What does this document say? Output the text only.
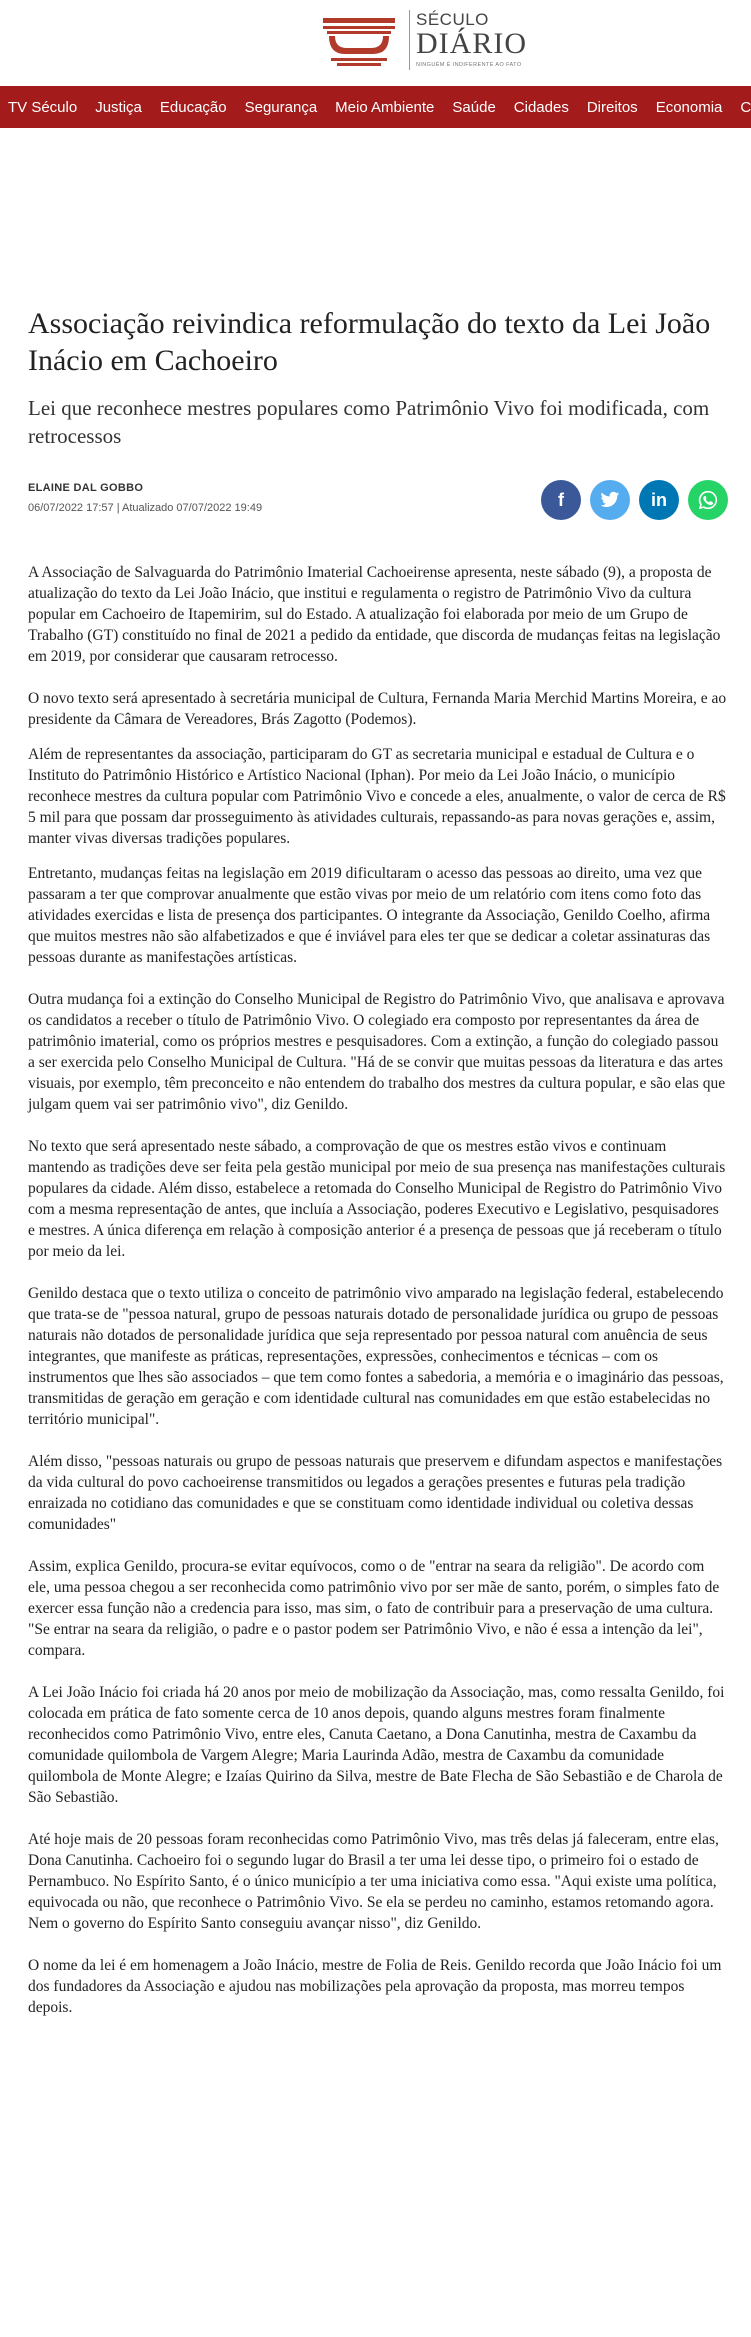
SÉCULO
DIÁRIO
NINGUÉM É INDIFERENTE AO FATO
TV Século	Justiça	Educação	Segurança	Meio Ambiente	Saúde	Cidades	Direitos	Economia	C
Associação reivindica reformulação do texto da Lei João Inácio em Cachoeiro
Lei que reconhece mestres populares como Patrimônio Vivo foi modificada, com retrocessos
ELAINE DAL GOBBO
06/07/2022 17:57 | Atualizado 07/07/2022 19:49	f	in

A Associação de Salvaguarda do Patrimônio Imaterial Cachoeirense apresenta, neste sábado (9), a proposta de atualização do texto da Lei João Inácio, que institui e regulamenta o registro de Patrimônio Vivo da cultura popular em Cachoeiro de Itapemirim, sul do Estado. A atualização foi elaborada por meio de um Grupo de Trabalho (GT) constituído no final de 2021 a pedido da entidade, que discorda de mudanças feitas na legislação em 2019, por considerar que causaram retrocesso.

O novo texto será apresentado à secretária municipal de Cultura, Fernanda Maria Merchid Martins Moreira, e ao presidente da Câmara de Vereadores, Brás Zagotto (Podemos).

Além de representantes da associação, participaram do GT as secretaria municipal e estadual de Cultura e o Instituto do Patrimônio Histórico e Artístico Nacional (Iphan). Por meio da Lei João Inácio, o município reconhece mestres da cultura popular com Patrimônio Vivo e concede a eles, anualmente, o valor de cerca de R$ 5 mil para que possam dar prosseguimento às atividades culturais, repassando-as para novas gerações e, assim, manter vivas diversas tradições populares.

Entretanto, mudanças feitas na legislação em 2019 dificultaram o acesso das pessoas ao direito, uma vez que passaram a ter que comprovar anualmente que estão vivas por meio de um relatório com itens como foto das atividades exercidas e lista de presença dos participantes. O integrante da Associação, Genildo Coelho, afirma que muitos mestres não são alfabetizados e que é inviável para eles ter que se dedicar a coletar assinaturas das pessoas durante as manifestações artísticas.

Outra mudança foi a extinção do Conselho Municipal de Registro do Patrimônio Vivo, que analisava e aprovava os candidatos a receber o título de Patrimônio Vivo. O colegiado era composto por representantes da área de patrimônio imaterial, como os próprios mestres e pesquisadores. Com a extinção, a função do colegiado passou a ser exercida pelo Conselho Municipal de Cultura. "Há de se convir que muitas pessoas da literatura e das artes visuais, por exemplo, têm preconceito e não entendem do trabalho dos mestres da cultura popular, e são elas que julgam quem vai ser patrimônio vivo", diz Genildo.

No texto que será apresentado neste sábado, a comprovação de que os mestres estão vivos e continuam mantendo as tradições deve ser feita pela gestão municipal por meio de sua presença nas manifestações culturais populares da cidade. Além disso, estabelece a retomada do Conselho Municipal de Registro do Patrimônio Vivo com a mesma representação de antes, que incluía a Associação, poderes Executivo e Legislativo, pesquisadores e mestres. A única diferença em relação à composição anterior é a presença de pessoas que já receberam o título por meio da lei.

Genildo destaca que o texto utiliza o conceito de patrimônio vivo amparado na legislação federal, estabelecendo que trata-se de "pessoa natural, grupo de pessoas naturais dotado de personalidade jurídica ou grupo de pessoas naturais não dotados de personalidade jurídica que seja representado por pessoa natural com anuência de seus integrantes, que manifeste as práticas, representações, expressões, conhecimentos e técnicas – com os instrumentos que lhes são associados – que tem como fontes a sabedoria, a memória e o imaginário das pessoas, transmitidas de geração em geração e com identidade cultural nas comunidades em que estão estabelecidas no território municipal".

Além disso, "pessoas naturais ou grupo de pessoas naturais que preservem e difundam aspectos e manifestações da vida cultural do povo cachoeirense transmitidos ou legados a gerações presentes e futuras pela tradição enraizada no cotidiano das comunidades e que se constituam como identidade individual ou coletiva dessas comunidades"

Assim, explica Genildo, procura-se evitar equívocos, como o de "entrar na seara da religião". De acordo com ele, uma pessoa chegou a ser reconhecida como patrimônio vivo por ser mãe de santo, porém, o simples fato de exercer essa função não a credencia para isso, mas sim, o fato de contribuir para a preservação de uma cultura. "Se entrar na seara da religião, o padre e o pastor podem ser Patrimônio Vivo, e não é essa a intenção da lei", compara.

A Lei João Inácio foi criada há 20 anos por meio de mobilização da Associação, mas, como ressalta Genildo, foi colocada em prática de fato somente cerca de 10 anos depois, quando alguns mestres foram finalmente reconhecidos como Patrimônio Vivo, entre eles, Canuta Caetano, a Dona Canutinha, mestra de Caxambu da comunidade quilombola de Vargem Alegre; Maria Laurinda Adão, mestra de Caxambu da comunidade quilombola de Monte Alegre; e Izaías Quirino da Silva, mestre de Bate Flecha de São Sebastião e de Charola de São Sebastião.

Até hoje mais de 20 pessoas foram reconhecidas como Patrimônio Vivo, mas três delas já faleceram, entre elas, Dona Canutinha. Cachoeiro foi o segundo lugar do Brasil a ter uma lei desse tipo, o primeiro foi o estado de Pernambuco. No Espírito Santo, é o único município a ter uma iniciativa como essa. "Aqui existe uma política, equivocada ou não, que reconhece o Patrimônio Vivo. Se ela se perdeu no caminho, estamos retomando agora. Nem o governo do Espírito Santo conseguiu avançar nisso", diz Genildo.

O nome da lei é em homenagem a João Inácio, mestre de Folia de Reis. Genildo recorda que João Inácio foi um dos fundadores da Associação e ajudou nas mobilizações pela aprovação da proposta, mas morreu tempos depois.
